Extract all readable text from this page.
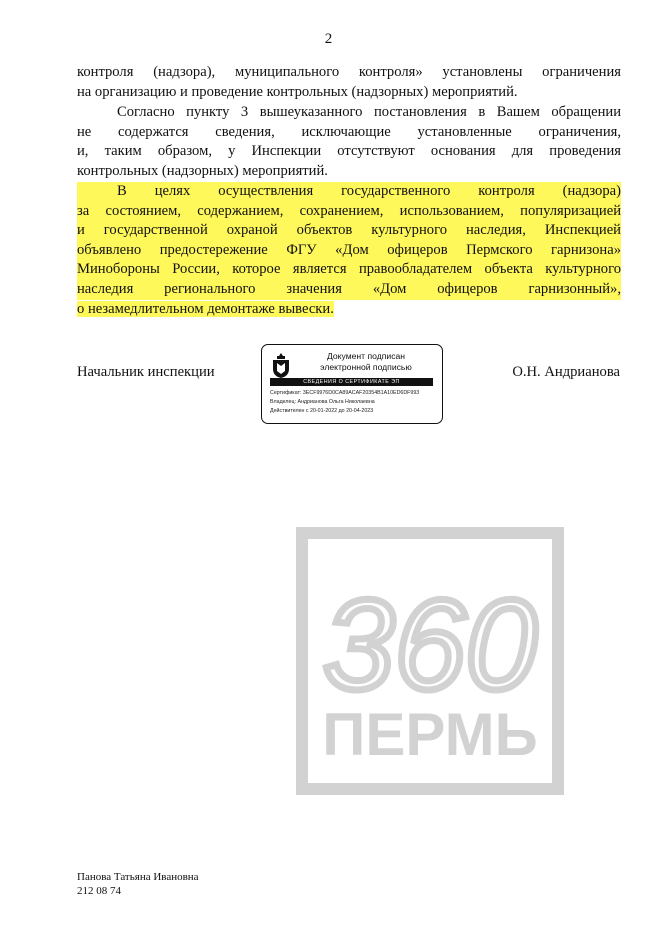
2
контроля (надзора), муниципального контроля» установлены ограничения
на организацию и проведение контрольных (надзорных) мероприятий.
Согласно пункту 3 вышеуказанного постановления в Вашем обращении
не содержатся сведения, исключающие установленные ограничения,
и, таким образом, у Инспекции отсутствуют основания для проведения
контрольных (надзорных) мероприятий.
В целях осуществления государственного контроля (надзора)
за состоянием, содержанием, сохранением, использованием, популяризацией
и государственной охраной объектов культурного наследия, Инспекцией
объявлено предостережение ФГУ «Дом офицеров Пермского гарнизона»
Минобороны России, которое является правообладателем объекта культурного
наследия регионального значения «Дом офицеров гарнизонный»,
о незамедлительном демонтаже вывески.
Начальник инспекции	О.Н. Андрианова
Документ подписан
электронной подписью
СВЕДЕНИЯ О СЕРТИФИКАТЕ ЭП
Сертификат: 3ECF9976D0CA89ACAF20354B1A10ED6DF993
Владелец: Андрианова Ольга Николаевна
Действителен с 20-01-2022 до 20-04-2023
360
ПЕРМЬ
Панова Татьяна Ивановна
212 08 74
